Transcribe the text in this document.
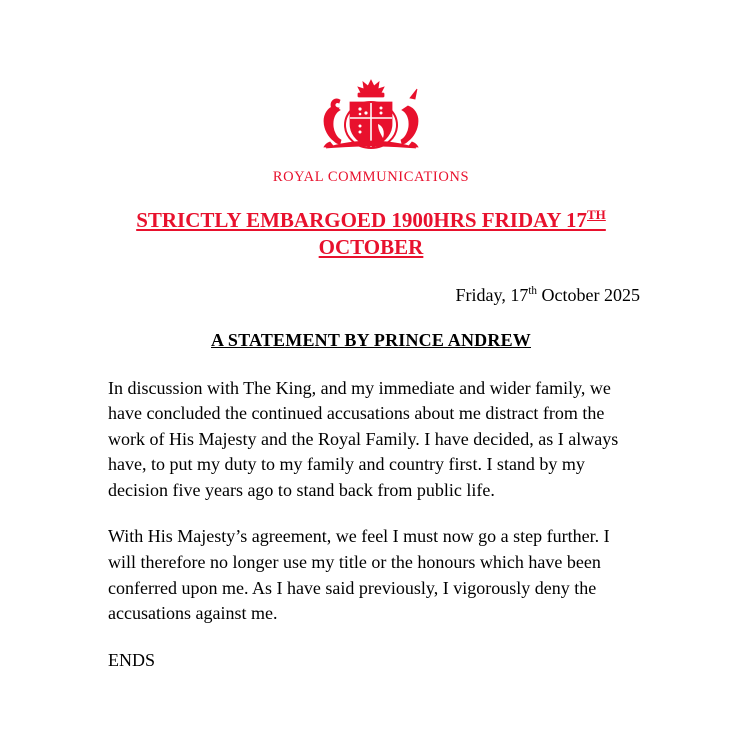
ROYAL COMMUNICATIONS
STRICTLY EMBARGOED 1900HRS FRIDAY 17TH
OCTOBER
Friday, 17th October 2025
A STATEMENT BY PRINCE ANDREW

In discussion with The King, and my immediate and wider family, we have concluded the continued accusations about me distract from the work of His Majesty and the Royal Family. I have decided, as I always have, to put my duty to my family and country first. I stand by my decision five years ago to stand back from public life.

With His Majesty’s agreement, we feel I must now go a step further. I will therefore no longer use my title or the honours which have been conferred upon me. As I have said previously, I vigorously deny the accusations against me.

ENDS
